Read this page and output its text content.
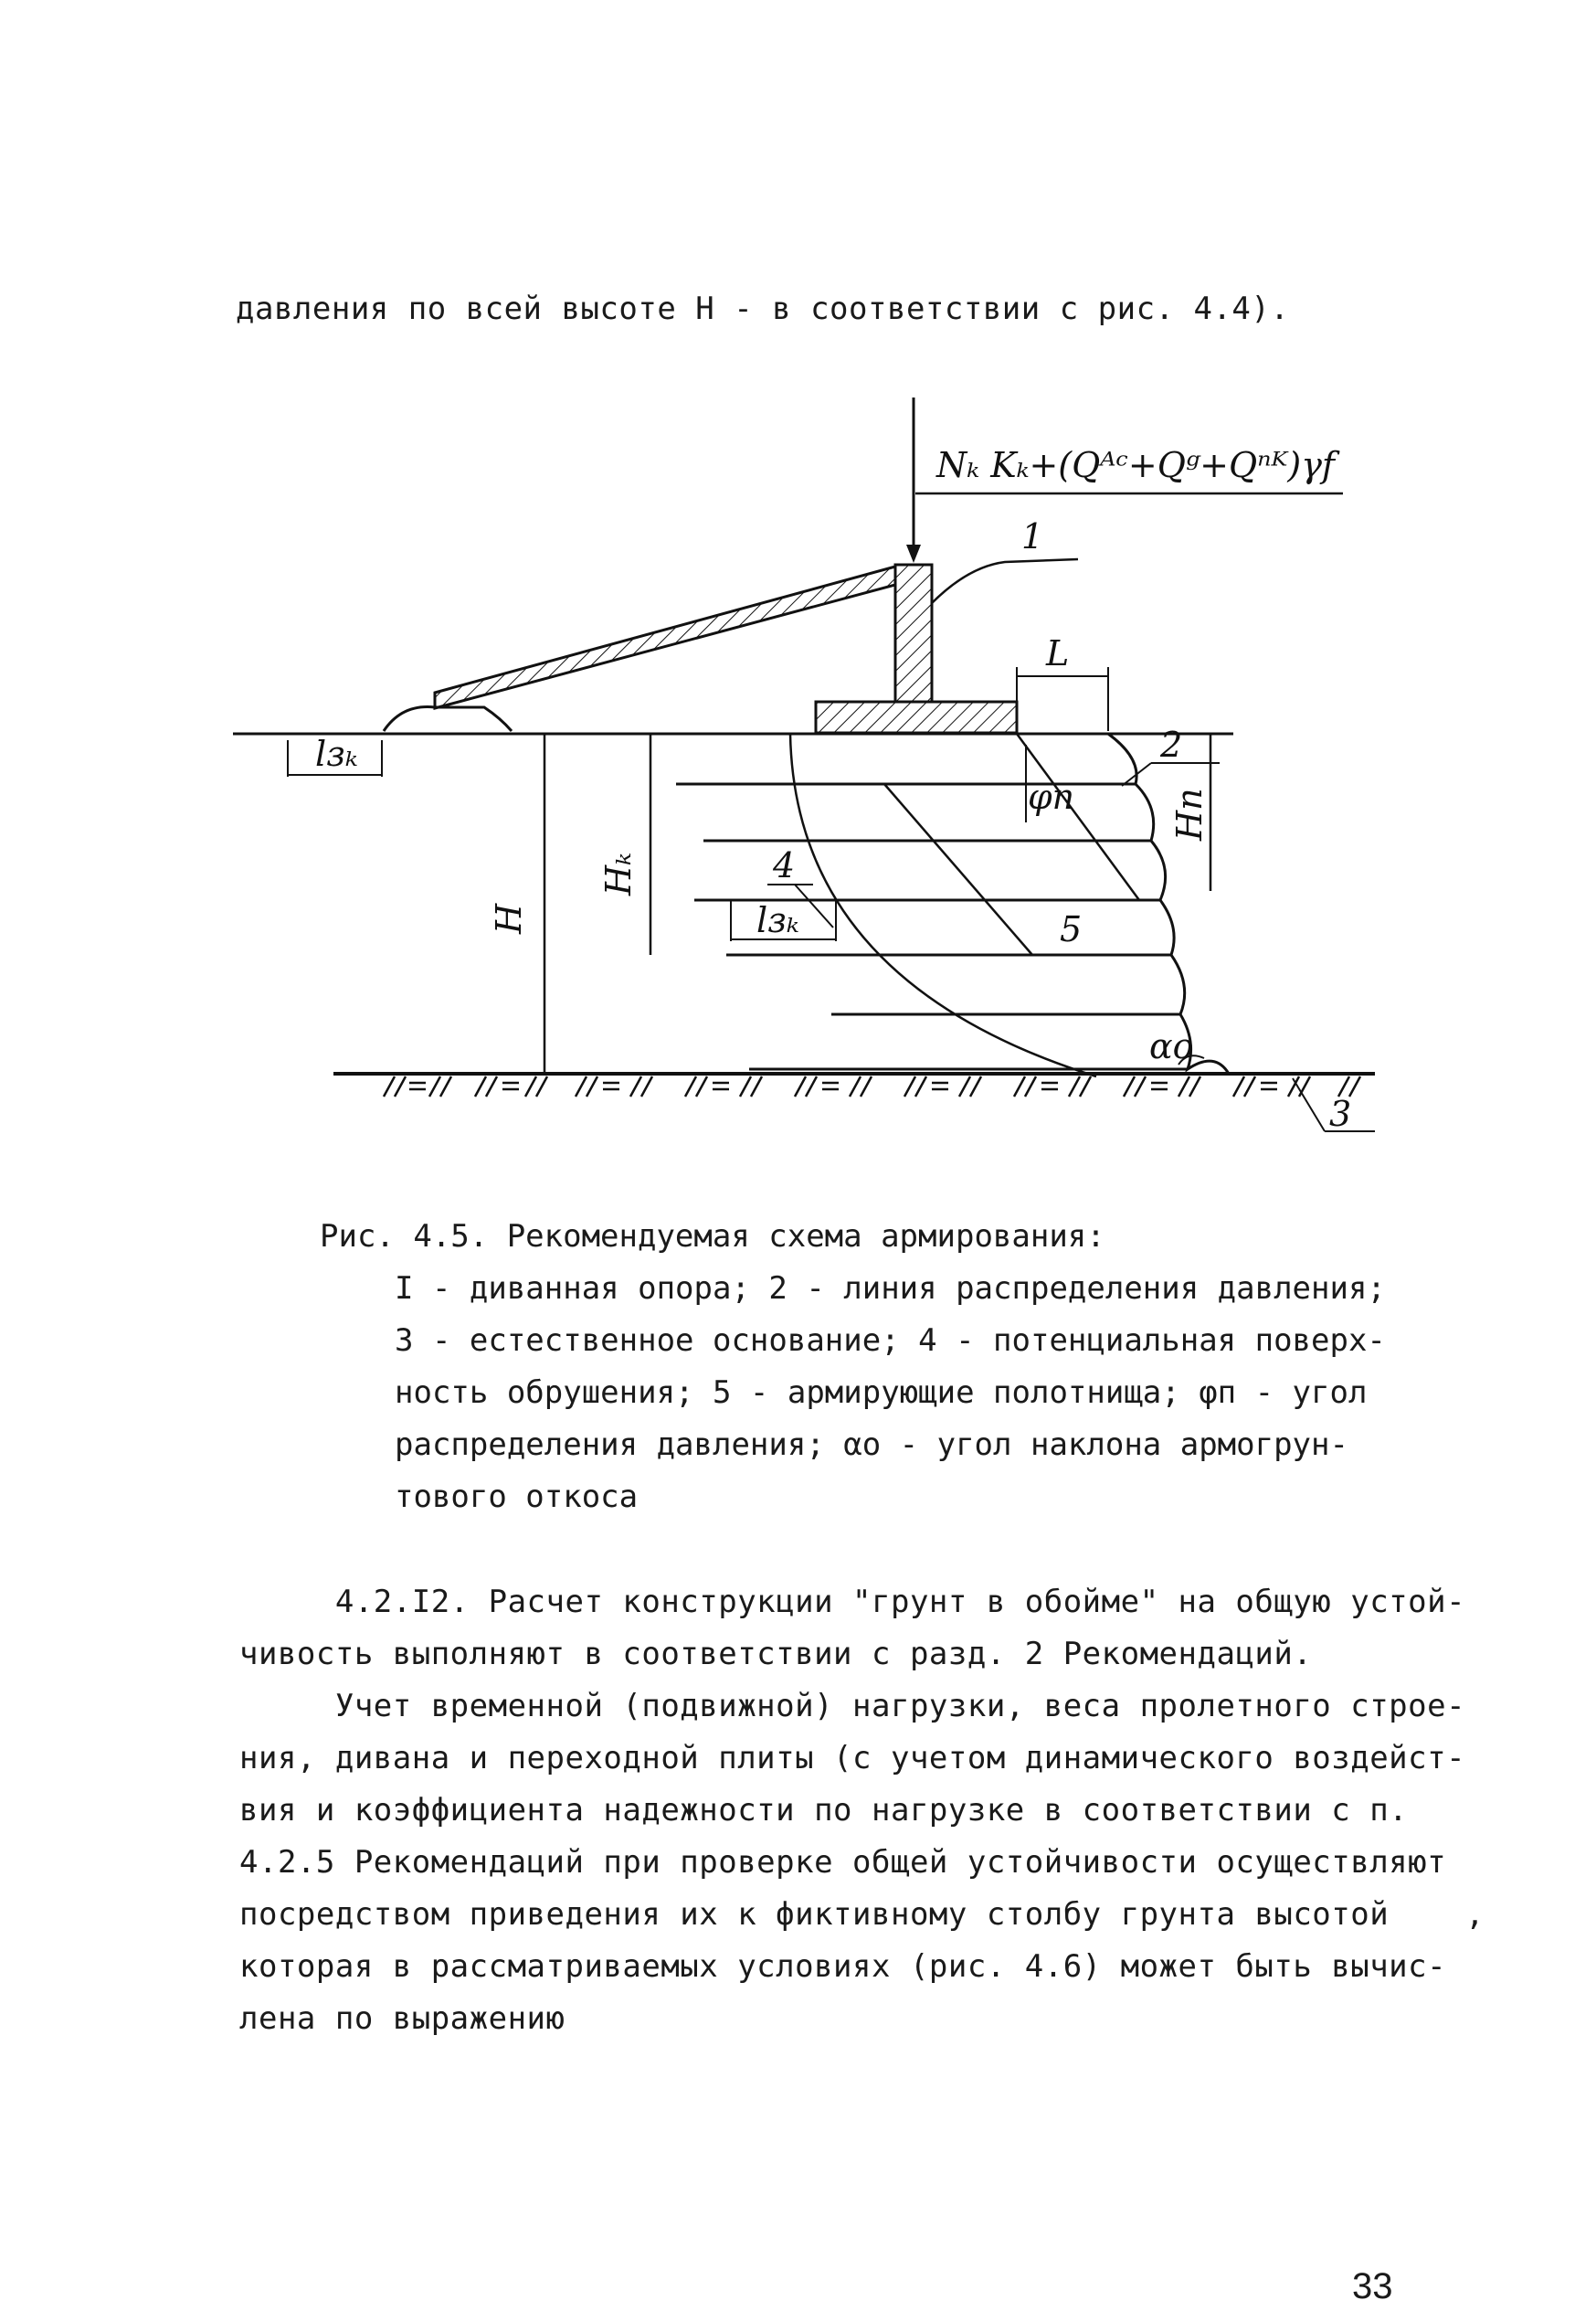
давления по всей высоте H - в соответствии с рис. 4.4).
Nₖ Kₖ+(Qᴬᶜ+Qᵍ+Qⁿᴷ)γf
1
L
lзₖ
H
Hₖ
Hп
φп
2
4
lзₖ	5
αo
3
Рис. 4.5. Рекомендуемая схема армирования:
I - диванная опора; 2 - линия распределения давления;
3 - естественное основание; 4 - потенциальная поверх-
ность обрушения; 5 - армирующие полотнища; φп - угол
распределения давления; αo - угол наклона армогрун-
тового откоса
4.2.I2. Расчет конструкции "грунт в обойме" на общую устой-
чивость выполняют в соответствии с разд. 2 Рекомендаций.
Учет временной (подвижной) нагрузки, веса пролетного строе-
ния, дивана и переходной плиты (с учетом динамического воздейст-
вия и коэффициента надежности по нагрузке в соответствии с п.
4.2.5 Рекомендаций при проверке общей устойчивости осуществляют
посредством приведения их к фиктивному столбу грунта высотой    ,
которая в рассматриваемых условиях (рис. 4.6) может быть вычис-
лена по выражению
33
